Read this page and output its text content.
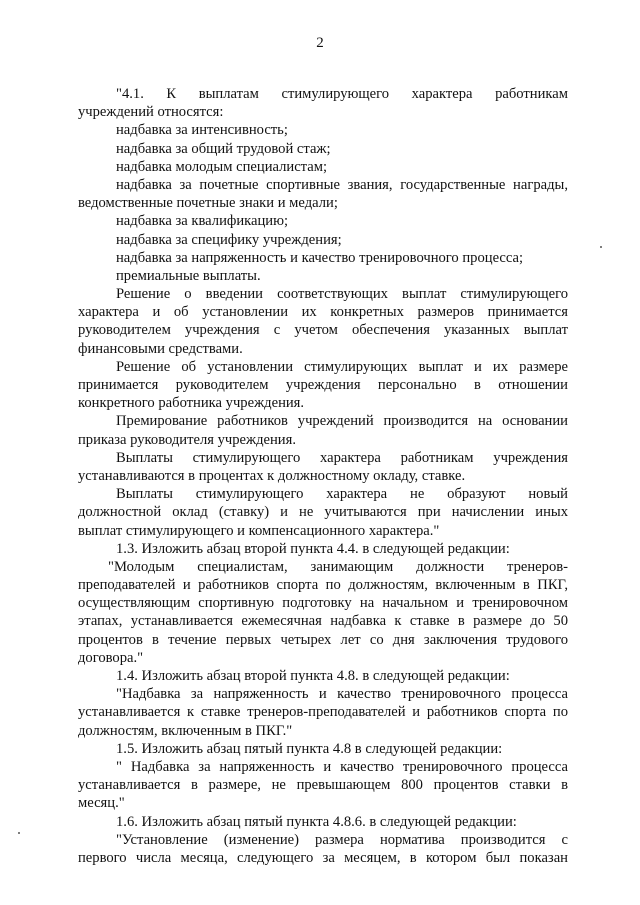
2
"4.1. К выплатам стимулирующего характера работникам
учреждений относятся:
надбавка за интенсивность;
надбавка за общий трудовой стаж;
надбавка молодым специалистам;
надбавка за почетные спортивные звания, государственные награды,
ведомственные почетные знаки и медали;
надбавка за квалификацию;
надбавка за специфику учреждения;
надбавка за напряженность и качество тренировочного процесса;
премиальные выплаты.
Решение о введении соответствующих выплат стимулирующего
характера и об установлении их конкретных размеров принимается
руководителем учреждения с учетом обеспечения указанных выплат
финансовыми средствами.
Решение об установлении стимулирующих выплат и их размере
принимается руководителем учреждения персонально в отношении
конкретного работника учреждения.
Премирование работников учреждений производится на основании
приказа руководителя учреждения.
Выплаты стимулирующего характера работникам учреждения
устанавливаются в процентах к должностному окладу, ставке.
Выплаты стимулирующего характера не образуют новый
должностной оклад (ставку) и не учитываются при начислении иных
выплат стимулирующего и компенсационного характера."
1.3. Изложить абзац второй пункта 4.4. в следующей редакции:
"Молодым специалистам, занимающим должности тренеров-
преподавателей и работников спорта по должностям, включенным в ПКГ,
осуществляющим спортивную подготовку на начальном и тренировочном
этапах, устанавливается ежемесячная надбавка к ставке в размере до 50
процентов в течение первых четырех лет со дня заключения трудового
договора."
1.4. Изложить абзац второй пункта 4.8. в следующей редакции:
"Надбавка за напряженность и качество тренировочного процесса
устанавливается к ставке тренеров-преподавателей и работников спорта по
должностям, включенным в ПКГ."
1.5. Изложить абзац пятый пункта 4.8 в следующей редакции:
" Надбавка за напряженность и качество тренировочного процесса
устанавливается в размере, не превышающем 800 процентов ставки в
месяц."
1.6. Изложить абзац пятый пункта 4.8.6. в следующей редакции:
"Установление (изменение) размера норматива производится с
первого числа месяца, следующего за месяцем, в котором был показан
